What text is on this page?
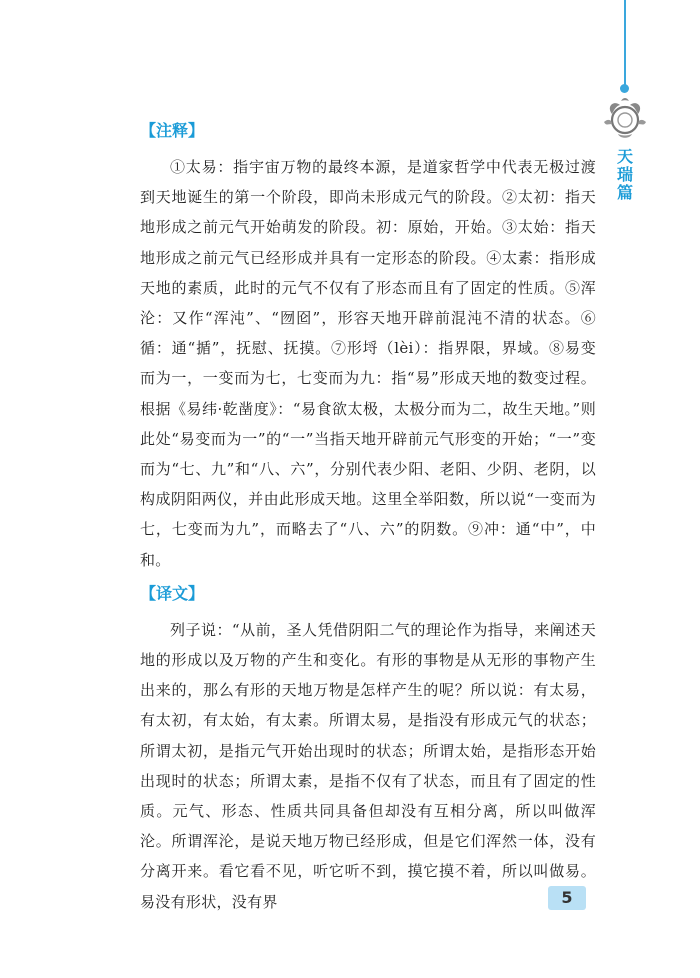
天瑞篇
【注释】

①太易：指宇宙万物的最终本源，是道家哲学中代表无极过渡到天地诞生的第一个阶段，即尚未形成元气的阶段。②太初：指天地形成之前元气开始萌发的阶段。初：原始，开始。③太始：指天地形成之前元气已经形成并具有一定形态的阶段。④太素：指形成天地的素质，此时的元气不仅有了形态而且有了固定的性质。⑤浑沦：又作“浑沌”、“囫囵”，形容天地开辟前混沌不清的状态。⑥循：通“揗”，抚慰、抚摸。⑦形埒（lèi）：指界限，界域。⑧易变而为一，一变而为七，七变而为九：指“易”形成天地的数变过程。根据《易纬·乾凿度》：“易食欲太极，太极分而为二，故生天地。”则此处“易变而为一”的“一”当指天地开辟前元气形变的开始；“一”变而为“七、九”和“八、六”，分别代表少阳、老阳、少阴、老阴，以构成阴阳两仪，并由此形成天地。这里全举阳数，所以说“一变而为七，七变而为九”，而略去了“八、六”的阴数。⑨冲：通“中”，中和。

【译文】

列子说：“从前，圣人凭借阴阳二气的理论作为指导，来阐述天地的形成以及万物的产生和变化。有形的事物是从无形的事物产生出来的，那么有形的天地万物是怎样产生的呢？所以说：有太易，有太初，有太始，有太素。所谓太易，是指没有形成元气的状态；所谓太初，是指元气开始出现时的状态；所谓太始，是指形态开始出现时的状态；所谓太素，是指不仅有了状态，而且有了固定的性质。元气、形态、性质共同具备但却没有互相分离，所以叫做浑沦。所谓浑沦，是说天地万物已经形成，但是它们浑然一体，没有分离开来。看它看不见，听它听不到，摸它摸不着，所以叫做易。易没有形状，没有界	5
